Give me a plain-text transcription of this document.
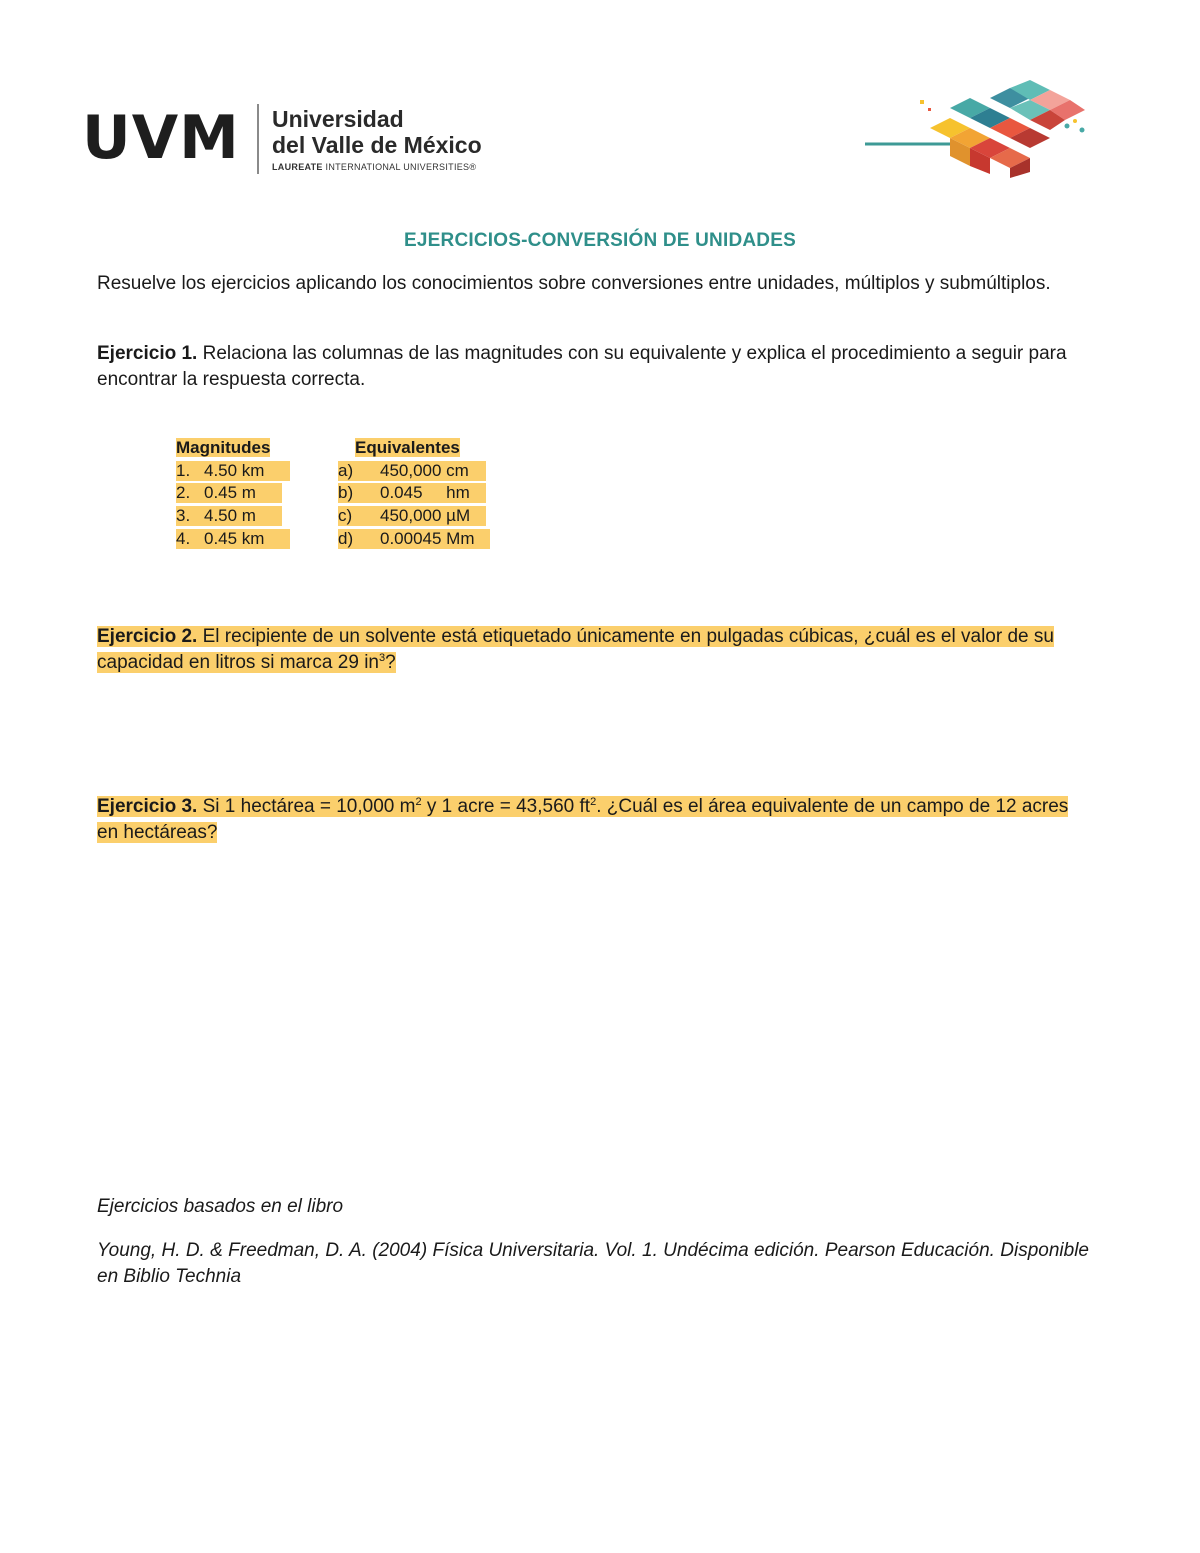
UVM Universidad
del Valle de México
LAUREATE INTERNATIONAL UNIVERSITIES®
EJERCICIOS-CONVERSIÓN DE UNIDADES
Resuelve los ejercicios aplicando los conocimientos sobre conversiones entre unidades, múltiplos y submúltiplos.
Ejercicio 1. Relaciona las columnas de las magnitudes con su equivalente y explica el procedimiento a seguir para encontrar la respuesta correcta.
Magnitudes
1. 4.50 km
2. 0.45 m
3. 4.50 m
4. 0.45 km
Equivalentes
a) 450,000 cm
b) 0.045     hm
c) 450,000 µM
d) 0.00045 Mm
Ejercicio 2. El recipiente de un solvente está etiquetado únicamente en pulgadas cúbicas, ¿cuál es el valor de su capacidad en litros si marca 29 $in^3$?
Ejercicio 3. Si 1 hectárea = 10,000 $m^2$ y 1 acre = 43,560 $ft^2$. ¿Cuál es el área equivalente de un campo de 12 acres en hectáreas?
Ejercicios basados en el libro
Young, H. D. & Freedman, D. A. (2004) Física Universitaria. Vol. 1. Undécima edición. Pearson Educación. Disponible en Biblio Technia
